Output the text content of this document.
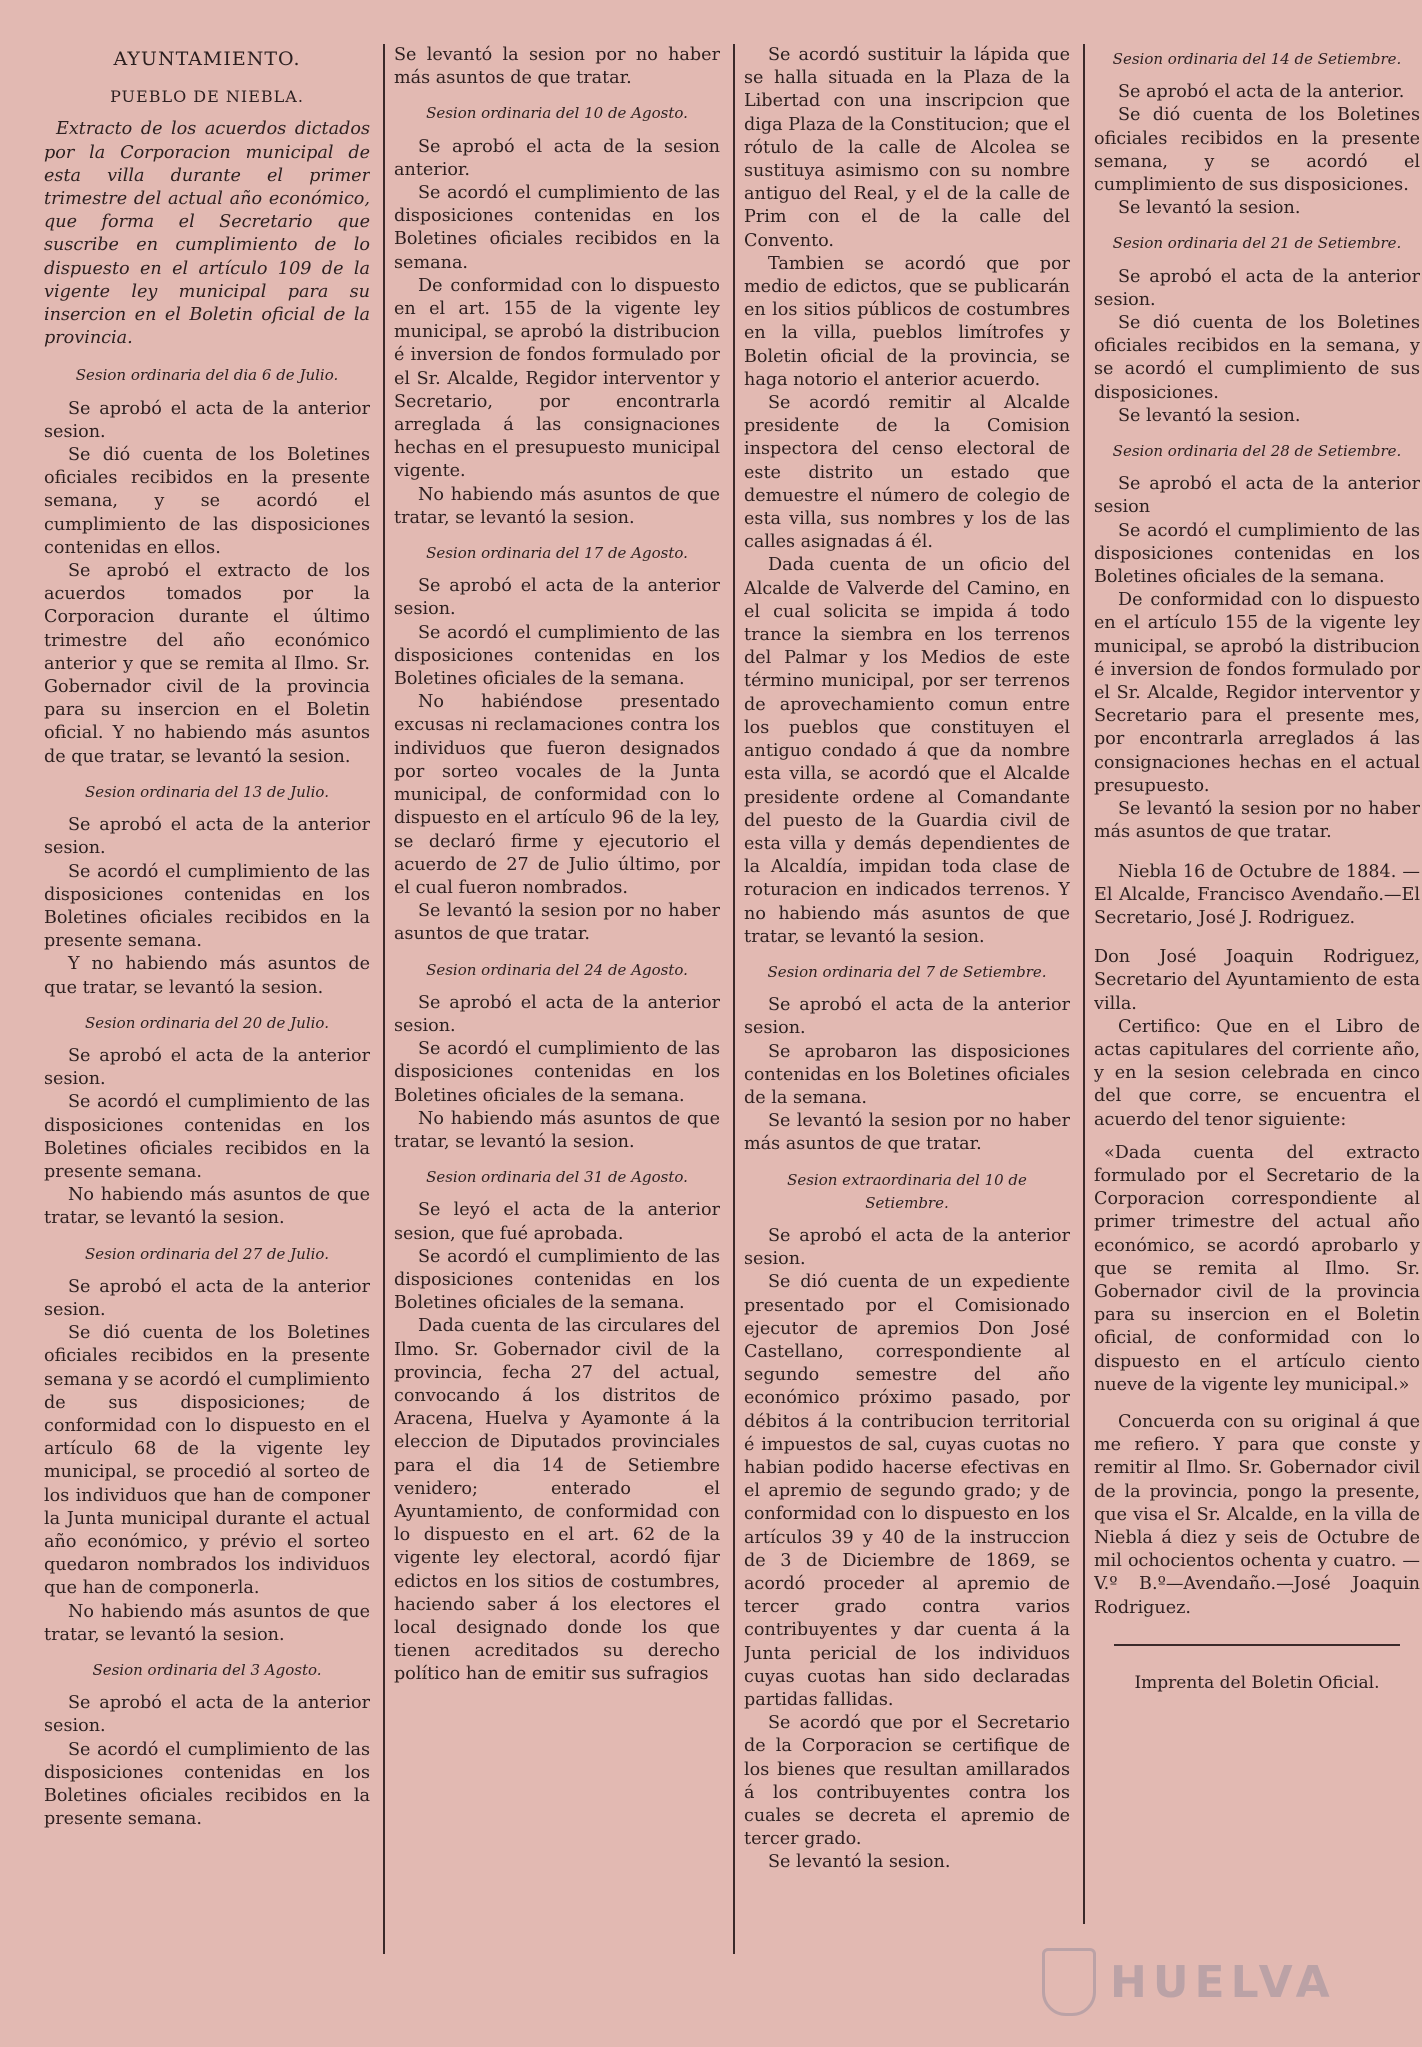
AYUNTAMIENTO.
PUEBLO DE NIEBLA.

Extracto de los acuerdos dictados por la Corporacion municipal de esta villa durante el primer trimestre del actual año económico, que forma el Secretario que suscribe en cumplimiento de lo dispuesto en el artículo 109 de la vigente ley municipal para su insercion en el Boletin oficial de la provincia.

Sesion ordinaria del dia 6 de Julio.

Se aprobó el acta de la anterior sesion.

Se dió cuenta de los Boletines oficiales recibidos en la presente semana, y se acordó el cumplimiento de las disposiciones contenidas en ellos.

Se aprobó el extracto de los acuerdos tomados por la Corporacion durante el último trimestre del año económico anterior y que se remita al Ilmo. Sr. Gobernador civil de la provincia para su insercion en el Boletin oficial. Y no habiendo más asuntos de que tratar, se levantó la sesion.

Sesion ordinaria del 13 de Julio.

Se aprobó el acta de la anterior sesion.

Se acordó el cumplimiento de las disposiciones contenidas en los Boletines oficiales recibidos en la presente semana.

Y no habiendo más asuntos de que tratar, se levantó la sesion.

Sesion ordinaria del 20 de Julio.

Se aprobó el acta de la anterior sesion.

Se acordó el cumplimiento de las disposiciones contenidas en los Boletines oficiales recibidos en la presente semana.

No habiendo más asuntos de que tratar, se levantó la sesion.

Sesion ordinaria del 27 de Julio.

Se aprobó el acta de la anterior sesion.

Se dió cuenta de los Boletines oficiales recibidos en la presente semana y se acordó el cumplimiento de sus disposiciones; de conformidad con lo dispuesto en el artículo 68 de la vigente ley municipal, se procedió al sorteo de los individuos que han de componer la Junta municipal durante el actual año económico, y prévio el sorteo quedaron nombrados los individuos que han de componerla.

No habiendo más asuntos de que tratar, se levantó la sesion.

Sesion ordinaria del 3 Agosto.

Se aprobó el acta de la anterior sesion.

Se acordó el cumplimiento de las disposiciones contenidas en los Boletines oficiales recibidos en la presente semana.

Se levantó la sesion por no haber más asuntos de que tratar.

Sesion ordinaria del 10 de Agosto.

Se aprobó el acta de la sesion anterior.

Se acordó el cumplimiento de las disposiciones contenidas en los Boletines oficiales recibidos en la semana.

De conformidad con lo dispuesto en el art. 155 de la vigente ley municipal, se aprobó la distribucion é inversion de fondos formulado por el Sr. Alcalde, Regidor interventor y Secretario, por encontrarla arreglada á las consignaciones hechas en el presupuesto municipal vigente.

No habiendo más asuntos de que tratar, se levantó la sesion.

Sesion ordinaria del 17 de Agosto.

Se aprobó el acta de la anterior sesion.

Se acordó el cumplimiento de las disposiciones contenidas en los Boletines oficiales de la semana.

No habiéndose presentado excusas ni reclamaciones contra los individuos que fueron designados por sorteo vocales de la Junta municipal, de conformidad con lo dispuesto en el artículo 96 de la ley, se declaró firme y ejecutorio el acuerdo de 27 de Julio último, por el cual fueron nombrados.

Se levantó la sesion por no haber asuntos de que tratar.

Sesion ordinaria del 24 de Agosto.

Se aprobó el acta de la anterior sesion.

Se acordó el cumplimiento de las disposiciones contenidas en los Boletines oficiales de la semana.

No habiendo más asuntos de que tratar, se levantó la sesion.

Sesion ordinaria del 31 de Agosto.

Se leyó el acta de la anterior sesion, que fué aprobada.

Se acordó el cumplimiento de las disposiciones contenidas en los Boletines oficiales de la semana.

Dada cuenta de las circulares del Ilmo. Sr. Gobernador civil de la provincia, fecha 27 del actual, convocando á los distritos de Aracena, Huelva y Ayamonte á la eleccion de Diputados provinciales para el dia 14 de Setiembre venidero; enterado el Ayuntamiento, de conformidad con lo dispuesto en el art. 62 de la vigente ley electoral, acordó fijar edictos en los sitios de costumbres, haciendo saber á los electores el local designado donde los que tienen acreditados su derecho político han de emitir sus sufragios

Se acordó sustituir la lápida que se halla situada en la Plaza de la Libertad con una inscripcion que diga Plaza de la Constitucion; que el rótulo de la calle de Alcolea se sustituya asimismo con su nombre antiguo del Real, y el de la calle de Prim con el de la calle del Convento.

Tambien se acordó que por medio de edictos, que se publicarán en los sitios públicos de costumbres en la villa, pueblos limítrofes y Boletin oficial de la provincia, se haga notorio el anterior acuerdo.

Se acordó remitir al Alcalde presidente de la Comision inspectora del censo electoral de este distrito un estado que demuestre el número de colegio de esta villa, sus nombres y los de las calles asignadas á él.

Dada cuenta de un oficio del Alcalde de Valverde del Camino, en el cual solicita se impida á todo trance la siembra en los terrenos del Palmar y los Medios de este término municipal, por ser terrenos de aprovechamiento comun entre los pueblos que constituyen el antiguo condado á que da nombre esta villa, se acordó que el Alcalde presidente ordene al Comandante del puesto de la Guardia civil de esta villa y demás dependientes de la Alcaldía, impidan toda clase de roturacion en indicados terrenos. Y no habiendo más asuntos de que tratar, se levantó la sesion.

Sesion ordinaria del 7 de Setiembre.

Se aprobó el acta de la anterior sesion.

Se aprobaron las disposiciones contenidas en los Boletines oficiales de la semana.

Se levantó la sesion por no haber más asuntos de que tratar.

Sesion extraordinaria del 10 de Setiembre.

Se aprobó el acta de la anterior sesion.

Se dió cuenta de un expediente presentado por el Comisionado ejecutor de apremios Don José Castellano, correspondiente al segundo semestre del año económico próximo pasado, por débitos á la contribucion territorial é impuestos de sal, cuyas cuotas no habian podido hacerse efectivas en el apremio de segundo grado; y de conformidad con lo dispuesto en los artículos 39 y 40 de la instruccion de 3 de Diciembre de 1869, se acordó proceder al apremio de tercer grado contra varios contribuyentes y dar cuenta á la Junta pericial de los individuos cuyas cuotas han sido declaradas partidas fallidas.

Se acordó que por el Secretario de la Corporacion se certifique de los bienes que resultan amillarados á los contribuyentes contra los cuales se decreta el apremio de tercer grado.

Se levantó la sesion.

Sesion ordinaria del 14 de Setiembre.

Se aprobó el acta de la anterior.

Se dió cuenta de los Boletines oficiales recibidos en la presente semana, y se acordó el cumplimiento de sus disposiciones.

Se levantó la sesion.

Sesion ordinaria del 21 de Setiembre.

Se aprobó el acta de la anterior sesion.

Se dió cuenta de los Boletines oficiales recibidos en la semana, y se acordó el cumplimiento de sus disposiciones.

Se levantó la sesion.

Sesion ordinaria del 28 de Setiembre.

Se aprobó el acta de la anterior sesion

Se acordó el cumplimiento de las disposiciones contenidas en los Boletines oficiales de la semana.

De conformidad con lo dispuesto en el artículo 155 de la vigente ley municipal, se aprobó la distribucion é inversion de fondos formulado por el Sr. Alcalde, Regidor interventor y Secretario para el presente mes, por encontrarla arreglados á las consignaciones hechas en el actual presupuesto.

Se levantó la sesion por no haber más asuntos de que tratar.

Niebla 16 de Octubre de 1884. —El Alcalde, Francisco Avendaño.—El Secretario, José J. Rodriguez.

Don José Joaquin Rodriguez, Secretario del Ayuntamiento de esta villa.

Certifico: Que en el Libro de actas capitulares del corriente año, y en la sesion celebrada en cinco del que corre, se encuentra el acuerdo del tenor siguiente:

«Dada cuenta del extracto formulado por el Secretario de la Corporacion correspondiente al primer trimestre del actual año económico, se acordó aprobarlo y que se remita al Ilmo. Sr. Gobernador civil de la provincia para su insercion en el Boletin oficial, de conformidad con lo dispuesto en el artículo ciento nueve de la vigente ley municipal.»

Concuerda con su original á que me refiero. Y para que conste y remitir al Ilmo. Sr. Gobernador civil de la provincia, pongo la presente, que visa el Sr. Alcalde, en la villa de Niebla á diez y seis de Octubre de mil ochocientos ochenta y cuatro. — V.º B.º—Avendaño.—José Joaquin Rodriguez.

Imprenta del Boletin Oficial.
HUELVA
